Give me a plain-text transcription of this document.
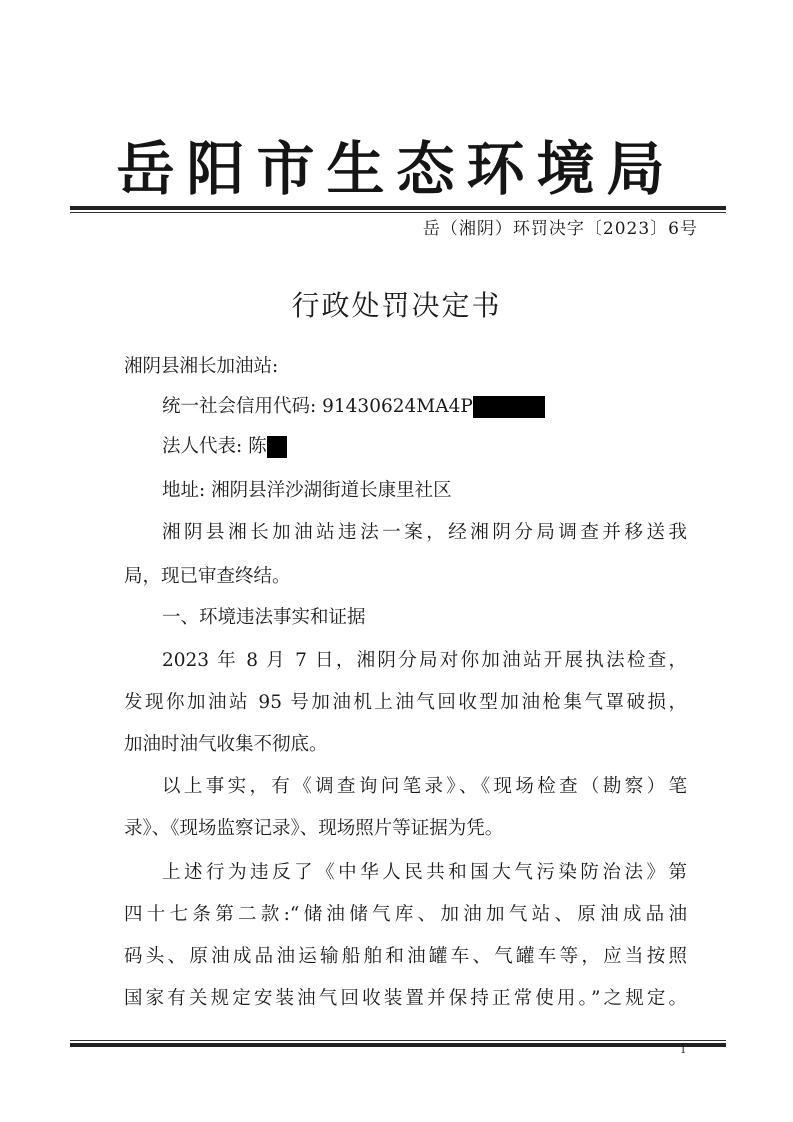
岳阳市生态环境局
岳（湘阴）环罚决字〔2023〕6号
行政处罚决定书
湘阴县湘长加油站:
统一社会信用代码: 91430624MA4P
法人代表: 陈
地址: 湘阴县洋沙湖街道长康里社区
湘阴县湘长加油站违法一案，经湘阴分局调查并移送我
局，现已审查终结。
一、环境违法事实和证据
2023 年 8 月 7 日，湘阴分局对你加油站开展执法检查，
发现你加油站 95 号加油机上油气回收型加油枪集气罩破损，
加油时油气收集不彻底。
以上事实，有《调查询问笔录》、《现场检查（勘察）笔
录》、《现场监察记录》、现场照片等证据为凭。
上述行为违反了《中华人民共和国大气污染防治法》第
四十七条第二款:“储油储气库、加油加气站、原油成品油
码头、原油成品油运输船舶和油罐车、气罐车等，应当按照
国家有关规定安装油气回收装置并保持正常使用。”之规定。
1
